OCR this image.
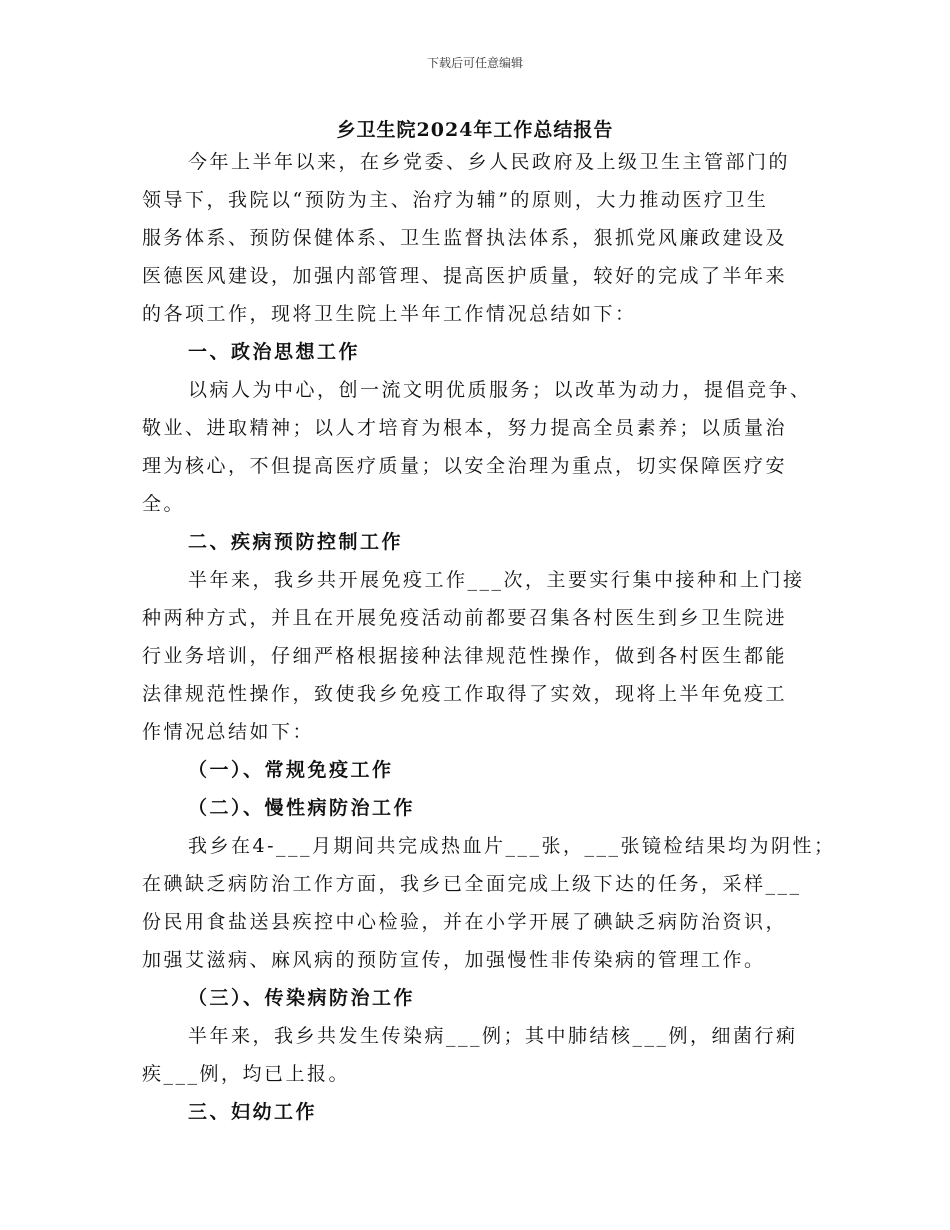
下载后可任意编辑
乡卫生院2024年工作总结报告
今年上半年以来，在乡党委、乡人民政府及上级卫生主管部门的
领导下，我院以“预防为主、治疗为辅”的原则，大力推动医疗卫生
服务体系、预防保健体系、卫生监督执法体系，狠抓党风廉政建设及
医德医风建设，加强内部管理、提高医护质量，较好的完成了半年来
的各项工作，现将卫生院上半年工作情况总结如下：
一、政治思想工作
以病人为中心，创一流文明优质服务；以改革为动力，提倡竞争、
敬业、进取精神；以人才培育为根本，努力提高全员素养；以质量治
理为核心，不但提高医疗质量；以安全治理为重点，切实保障医疗安
全。
二、疾病预防控制工作
半年来，我乡共开展免疫工作___次，主要实行集中接种和上门接
种两种方式，并且在开展免疫活动前都要召集各村医生到乡卫生院进
行业务培训，仔细严格根据接种法律规范性操作，做到各村医生都能
法律规范性操作，致使我乡免疫工作取得了实效，现将上半年免疫工
作情况总结如下：
（一）、常规免疫工作
（二）、慢性病防治工作
我乡在4-___月期间共完成热血片___张，___张镜检结果均为阴性；
在碘缺乏病防治工作方面，我乡已全面完成上级下达的任务，采样___
份民用食盐送县疾控中心检验，并在小学开展了碘缺乏病防治资识，
加强艾滋病、麻风病的预防宣传，加强慢性非传染病的管理工作。
（三）、传染病防治工作
半年来，我乡共发生传染病___例；其中肺结核___例，细菌行痢
疾___例，均已上报。
三、妇幼工作
